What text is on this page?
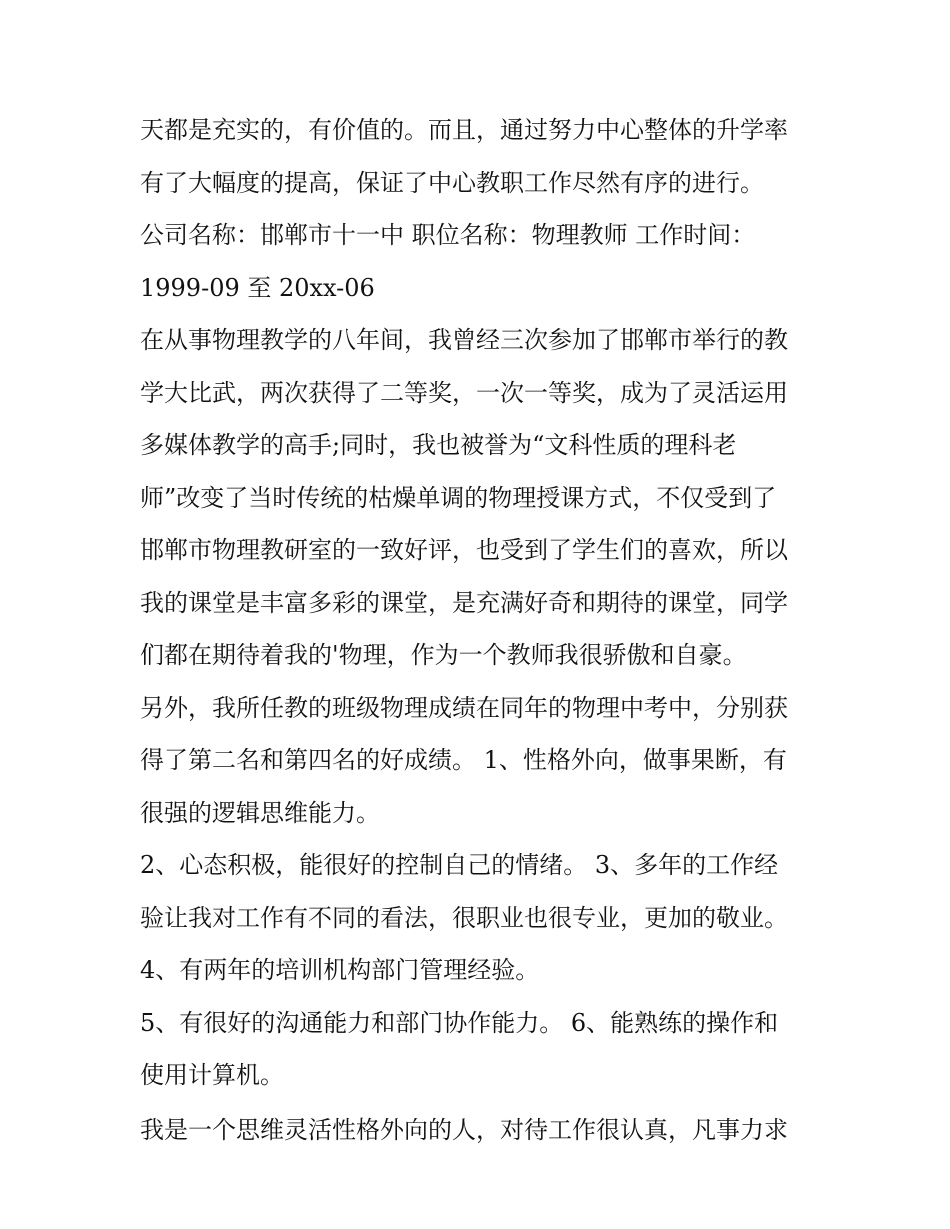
天都是充实的，有价值的。而且，通过努力中心整体的升学率
有了大幅度的提高，保证了中心教职工作尽然有序的进行。
公司名称：邯郸市十一中 职位名称：物理教师 工作时间：
1999-09 至 20xx-06
在从事物理教学的八年间，我曾经三次参加了邯郸市举行的教
学大比武，两次获得了二等奖，一次一等奖，成为了灵活运用
多媒体教学的高手;同时，我也被誉为“文科性质的理科老
师”改变了当时传统的枯燥单调的物理授课方式，不仅受到了
邯郸市物理教研室的一致好评，也受到了学生们的喜欢，所以
我的课堂是丰富多彩的课堂，是充满好奇和期待的课堂，同学
们都在期待着我的'物理，作为一个教师我很骄傲和自豪。
另外，我所任教的班级物理成绩在同年的物理中考中，分别获
得了第二名和第四名的好成绩。 1、性格外向，做事果断，有
很强的逻辑思维能力。
2、心态积极，能很好的控制自己的情绪。 3、多年的工作经
验让我对工作有不同的看法，很职业也很专业，更加的敬业。
4、有两年的培训机构部门管理经验。
5、有很好的沟通能力和部门协作能力。 6、能熟练的操作和
使用计算机。
我是一个思维灵活性格外向的人，对待工作很认真，凡事力求
